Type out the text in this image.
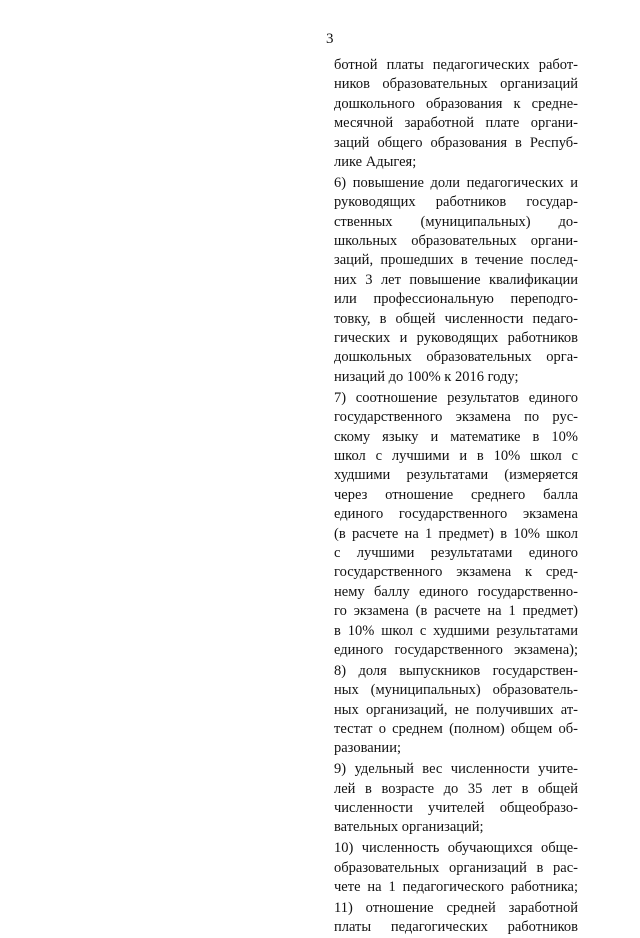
3
ботной платы педагогических работ-
ников образовательных организаций
дошкольного образования к средне-
месячной заработной плате органи-
заций общего образования в Респуб-
лике Адыгея;
6) повышение доли педагогических и
руководящих работников государ-
ственных (муниципальных) до-
школьных образовательных органи-
заций, прошедших в течение послед-
них 3 лет повышение квалификации
или профессиональную переподго-
товку, в общей численности педаго-
гических и руководящих работников
дошкольных образовательных орга-
низаций до 100% к 2016 году;
7) соотношение результатов единого
государственного экзамена по рус-
скому языку и математике в 10%
школ с лучшими и в 10% школ с
худшими результатами (измеряется
через отношение среднего балла
единого государственного экзамена
(в расчете на 1 предмет) в 10% школ
с лучшими результатами единого
государственного экзамена к сред-
нему баллу единого государственно-
го экзамена (в расчете на 1 предмет)
в 10% школ с худшими результатами
единого государственного экзамена);
8) доля выпускников государствен-
ных (муниципальных) образователь-
ных организаций, не получивших ат-
тестат о среднем (полном) общем об-
разовании;
9) удельный вес численности учите-
лей в возрасте до 35 лет в общей
численности учителей общеобразо-
вательных организаций;
10) численность обучающихся обще-
образовательных организаций в рас-
чете на 1 педагогического работника;
11) отношение средней заработной
платы педагогических работников
